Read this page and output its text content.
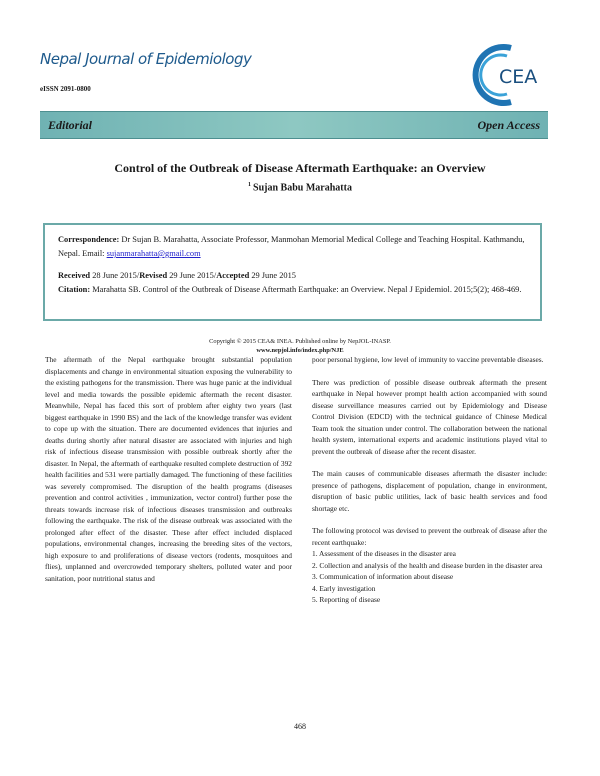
Nepal Journal of Epidemiology
eISSN 2091-0800
CEA
Editorial	Open Access
Control of the Outbreak of Disease Aftermath Earthquake: an Overview
$^1$ Sujan Babu Marahatta

Correspondence: Dr Sujan B. Marahatta, Associate Professor, Manmohan Memorial Medical College and Teaching Hospital. Kathmandu, Nepal. Email: sujanmarahatta@gmail.com

Received 28 June 2015/Revised 29 June 2015/Accepted 29 June 2015

Citation: Marahatta SB. Control of the Outbreak of Disease Aftermath Earthquake: an Overview. Nepal J Epidemiol. 2015;5(2); 468-469.

Copyright © 2015 CEA& INEA. Published online by NepJOL-INASP.
www.nepjol.info/index.php/NJE

The aftermath of the Nepal earthquake brought substantial population displacements and change in environmental situation exposing the vulnerability to the existing pathogens for the transmission. There was huge panic at the individual level and media towards the possible epidemic aftermath the recent disaster. Meanwhile, Nepal has faced this sort of problem after eighty two years (last biggest earthquake in 1990 BS) and the lack of the knowledge transfer was evident to cope up with the situation. There are documented evidences that injuries and deaths during shortly after natural disaster are associated with injuries and high risk of infectious disease transmission with possible outbreak shortly after the disaster. In Nepal, the aftermath of earthquake resulted complete destruction of 392 health facilities and 531 were partially damaged. The functioning of these facilities was severely compromised. The disruption of the health programs (diseases prevention and control activities , immunization, vector control) further pose the threats towards increase risk of infectious diseases transmission and outbreaks following the earthquake. The risk of the disease outbreak was associated with the prolonged after effect of the disaster. These after effect included displaced populations, environmental changes, increasing the breeding sites of the vectors, high exposure to and proliferations of disease vectors (rodents, mosquitoes and flies), unplanned and overcrowded temporary shelters, polluted water and poor sanitation, poor nutritional status and

poor personal hygiene, low level of immunity to vaccine preventable diseases.

There was prediction of possible disease outbreak aftermath the present earthquake in Nepal however prompt health action accompanied with sound disease surveillance measures carried out by Epidemiology and Disease Control Division (EDCD) with the technical guidance of Chinese Medical Team took the situation under control. The collaboration between the national health system, international experts and academic institutions played vital to prevent the outbreak of disease after the recent disaster.

The main causes of communicable diseases aftermath the disaster include: presence of pathogens, displacement of population, change in environment, disruption of basic public utilities, lack of basic health services and food shortage etc.

The following protocol was devised to prevent the outbreak of disease after the recent earthquake:

1. Assessment of the diseases in the disaster area
2. Collection and analysis of the health and disease burden in the disaster area
3. Communication of information about disease
4. Early investigation
5. Reporting of disease
468
